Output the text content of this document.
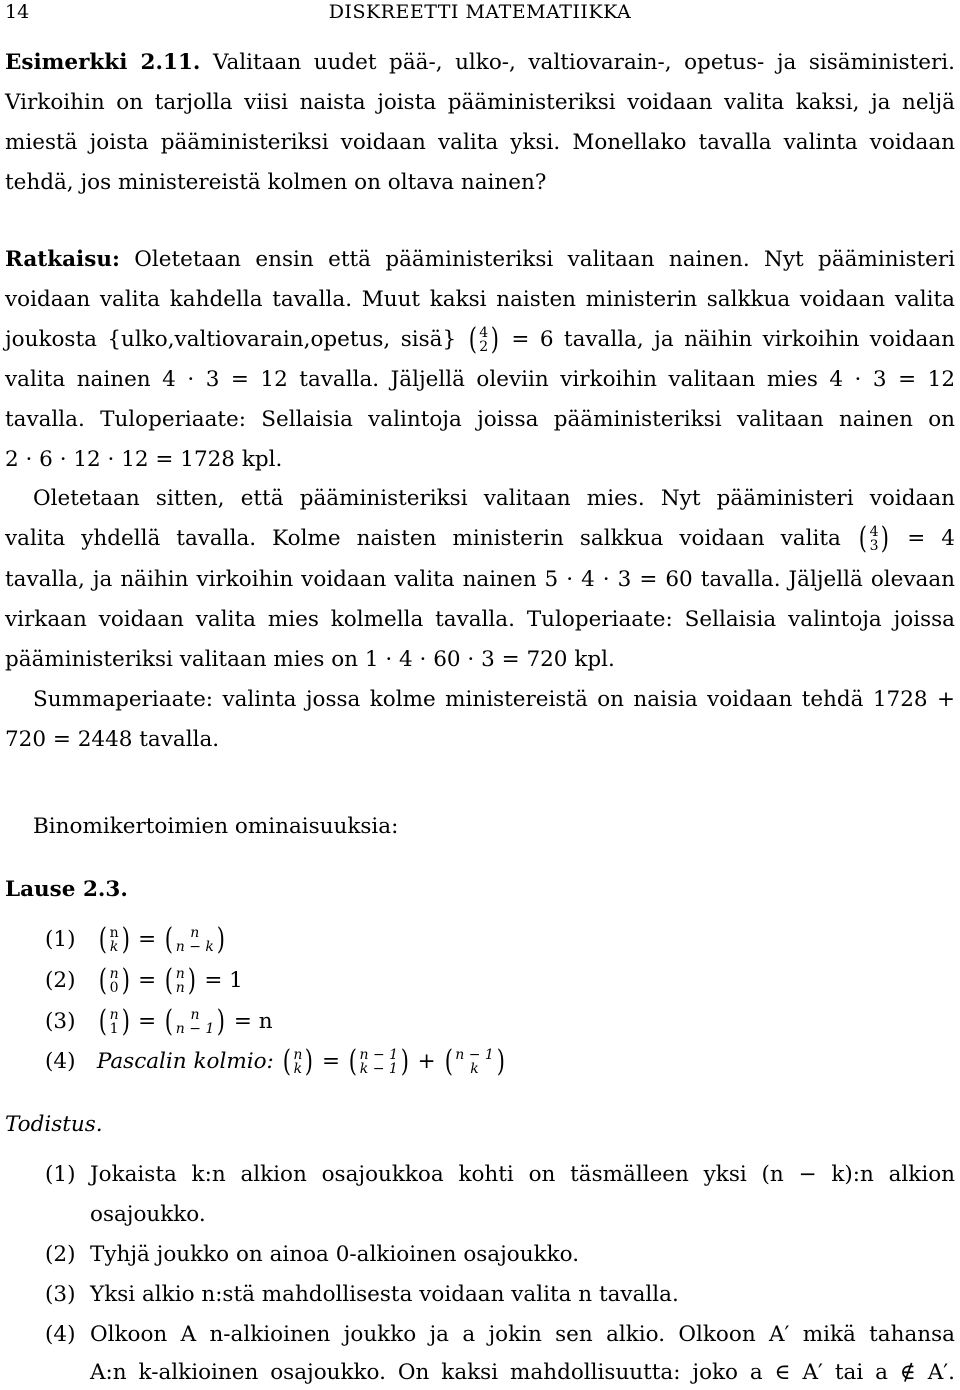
14	DISKREETTI MATEMATIIKKA
Esimerkki 2.11. Valitaan uudet pää-, ulko-, valtiovarain-, opetus- ja sisäministeri.
Virkoihin on tarjolla viisi naista joista pääministeriksi voidaan valita kaksi, ja neljä
miestä joista pääministeriksi voidaan valita yksi. Monellako tavalla valinta voidaan
tehdä, jos ministereistä kolmen on oltava nainen?
Ratkaisu: Oletetaan ensin että pääministeriksi valitaan nainen. Nyt pääministeri
voidaan valita kahdella tavalla. Muut kaksi naisten ministerin salkkua voidaan valita
joukosta {ulko,valtiovarain,opetus, sisä} ( 4
2 ) = 6 tavalla, ja näihin virkoihin voidaan
valita nainen 4 · 3 = 12 tavalla. Jäljellä oleviin virkoihin valitaan mies 4 · 3 = 12
tavalla. Tuloperiaate: Sellaisia valintoja joissa pääministeriksi valitaan nainen on
2 · 6 · 12 · 12 = 1728 kpl.
Oletetaan sitten, että pääministeriksi valitaan mies. Nyt pääministeri voidaan
valita yhdellä tavalla. Kolme naisten ministerin salkkua voidaan valita ( 4
3 ) = 4
tavalla, ja näihin virkoihin voidaan valita nainen 5 · 4 · 3 = 60 tavalla. Jäljellä olevaan
virkaan voidaan valita mies kolmella tavalla. Tuloperiaate: Sellaisia valintoja joissa
pääministeriksi valitaan mies on 1 · 4 · 60 · 3 = 720 kpl.
Summaperiaate: valinta jossa kolme ministereistä on naisia voidaan tehdä 1728 +
720 = 2448 tavalla.
Binomikertoimien ominaisuuksia:
Lause 2.3.
(1) ( n
k ) = ( n
n − k )
(2) ( n
0 ) = ( n
n ) = 1
(3) ( n
1 ) = ( n
n − 1 ) = n
(4) Pascalin kolmio: ( n
k ) = ( n − 1
k − 1 ) + ( n − 1
k )
Todistus.
(1) Jokaista k:n alkion osajoukkoa kohti on täsmälleen yksi (n − k):n alkion
osajoukko.
(2) Tyhjä joukko on ainoa 0-alkioinen osajoukko.
(3) Yksi alkio n:stä mahdollisesta voidaan valita n tavalla.
(4) Olkoon A n-alkioinen joukko ja a jokin sen alkio. Olkoon A′ mikä tahansa
A:n k-alkioinen osajoukko. On kaksi mahdollisuutta: joko a ∈ A′ tai a ∉ A′.
